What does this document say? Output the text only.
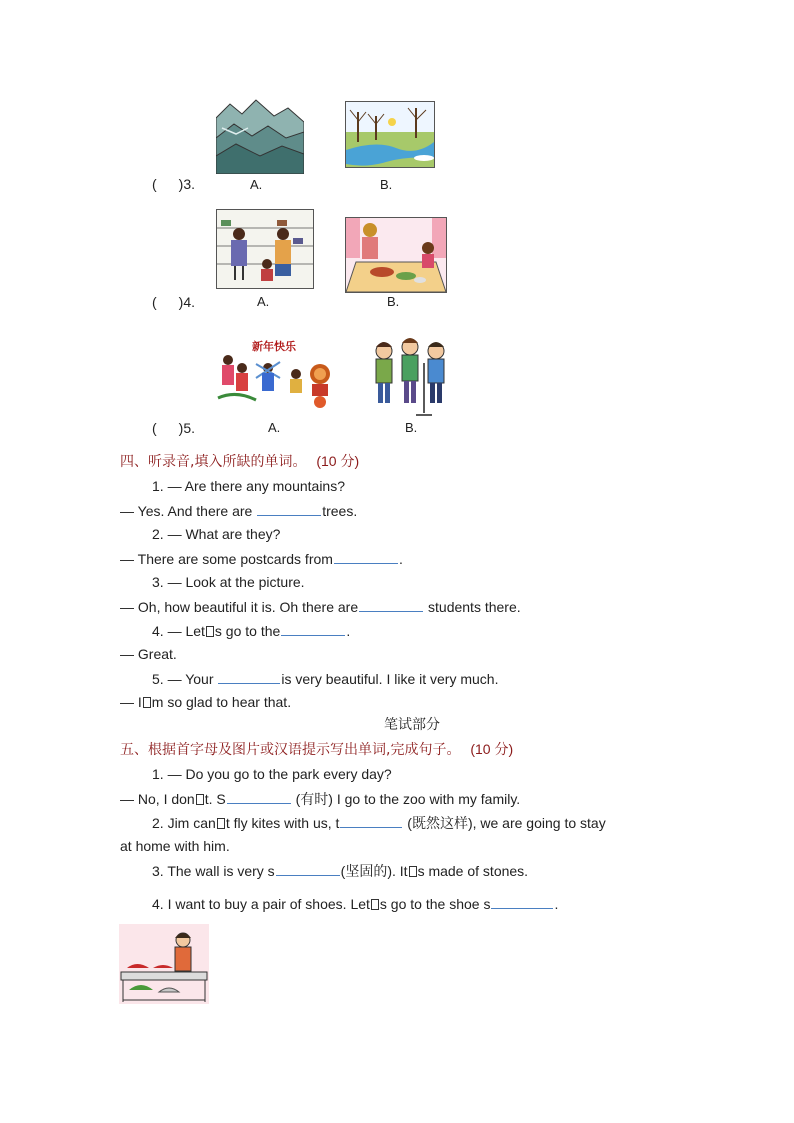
( )3.	A.	B.
( )4.	A.	B.
新年快乐
( )5.	A.	B.
四、听录音,填入所缺的单词。 (10 分)
1. — Are there any mountains?
— Yes. And there are	trees.
2. — What are they?
— There are some postcards from	.
3. — Look at the picture.
— Oh, how beautiful it is. Oh there are	students there.
4. — Let s go to the	.
— Great.
5. — Your	is very beautiful. I like it very much.
— I m so glad to hear that.
笔试部分
五、根据首字母及图片或汉语提示写出单词,完成句子。 (10 分)
1. — Do you go to the park every day?
— No, I don t. S	(有时) I go to the zoo with my family.
2. Jim can t fly kites with us, t	(既然这样), we are going to stay
at home with him.
3. The wall is very s	(坚固的). It s made of stones.
4. I want to buy a pair of shoes. Let s go to the shoe s	.
